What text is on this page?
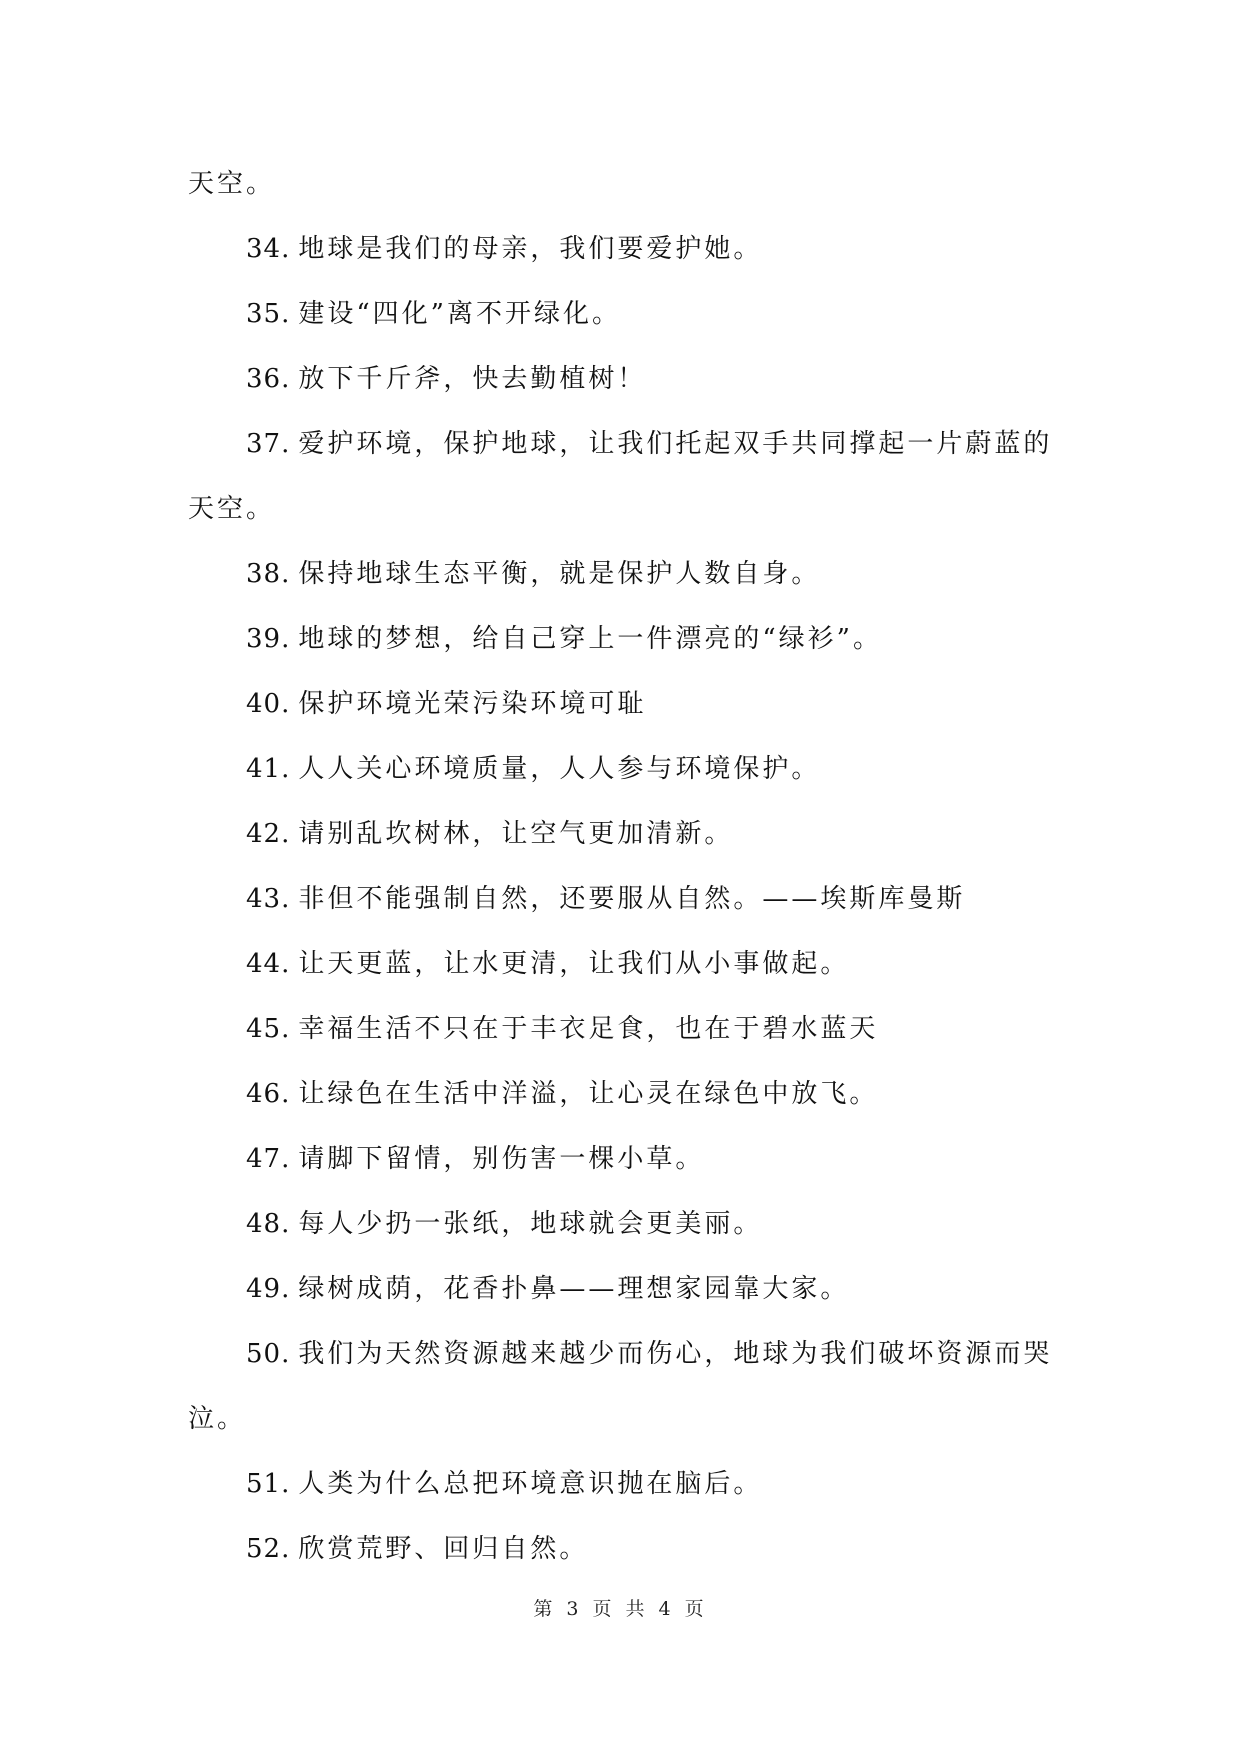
天空。

34. 地球是我们的母亲，我们要爱护她。

35. 建设“四化”离不开绿化。

36. 放下千斤斧，快去勤植树！

37. 爱护环境，保护地球，让我们托起双手共同撑起一片蔚蓝的

天空。

38. 保持地球生态平衡，就是保护人数自身。

39. 地球的梦想，给自己穿上一件漂亮的“绿衫”。

40. 保护环境光荣污染环境可耻

41. 人人关心环境质量，人人参与环境保护。

42. 请别乱坎树林，让空气更加清新。

43. 非但不能强制自然，还要服从自然。——埃斯库曼斯

44. 让天更蓝，让水更清，让我们从小事做起。

45. 幸福生活不只在于丰衣足食，也在于碧水蓝天

46. 让绿色在生活中洋溢，让心灵在绿色中放飞。

47. 请脚下留情，别伤害一棵小草。

48. 每人少扔一张纸，地球就会更美丽。

49. 绿树成荫，花香扑鼻——理想家园靠大家。

50. 我们为天然资源越来越少而伤心，地球为我们破坏资源而哭

泣。

51. 人类为什么总把环境意识抛在脑后。

52. 欣赏荒野、回归自然。

第 3 页 共 4 页
